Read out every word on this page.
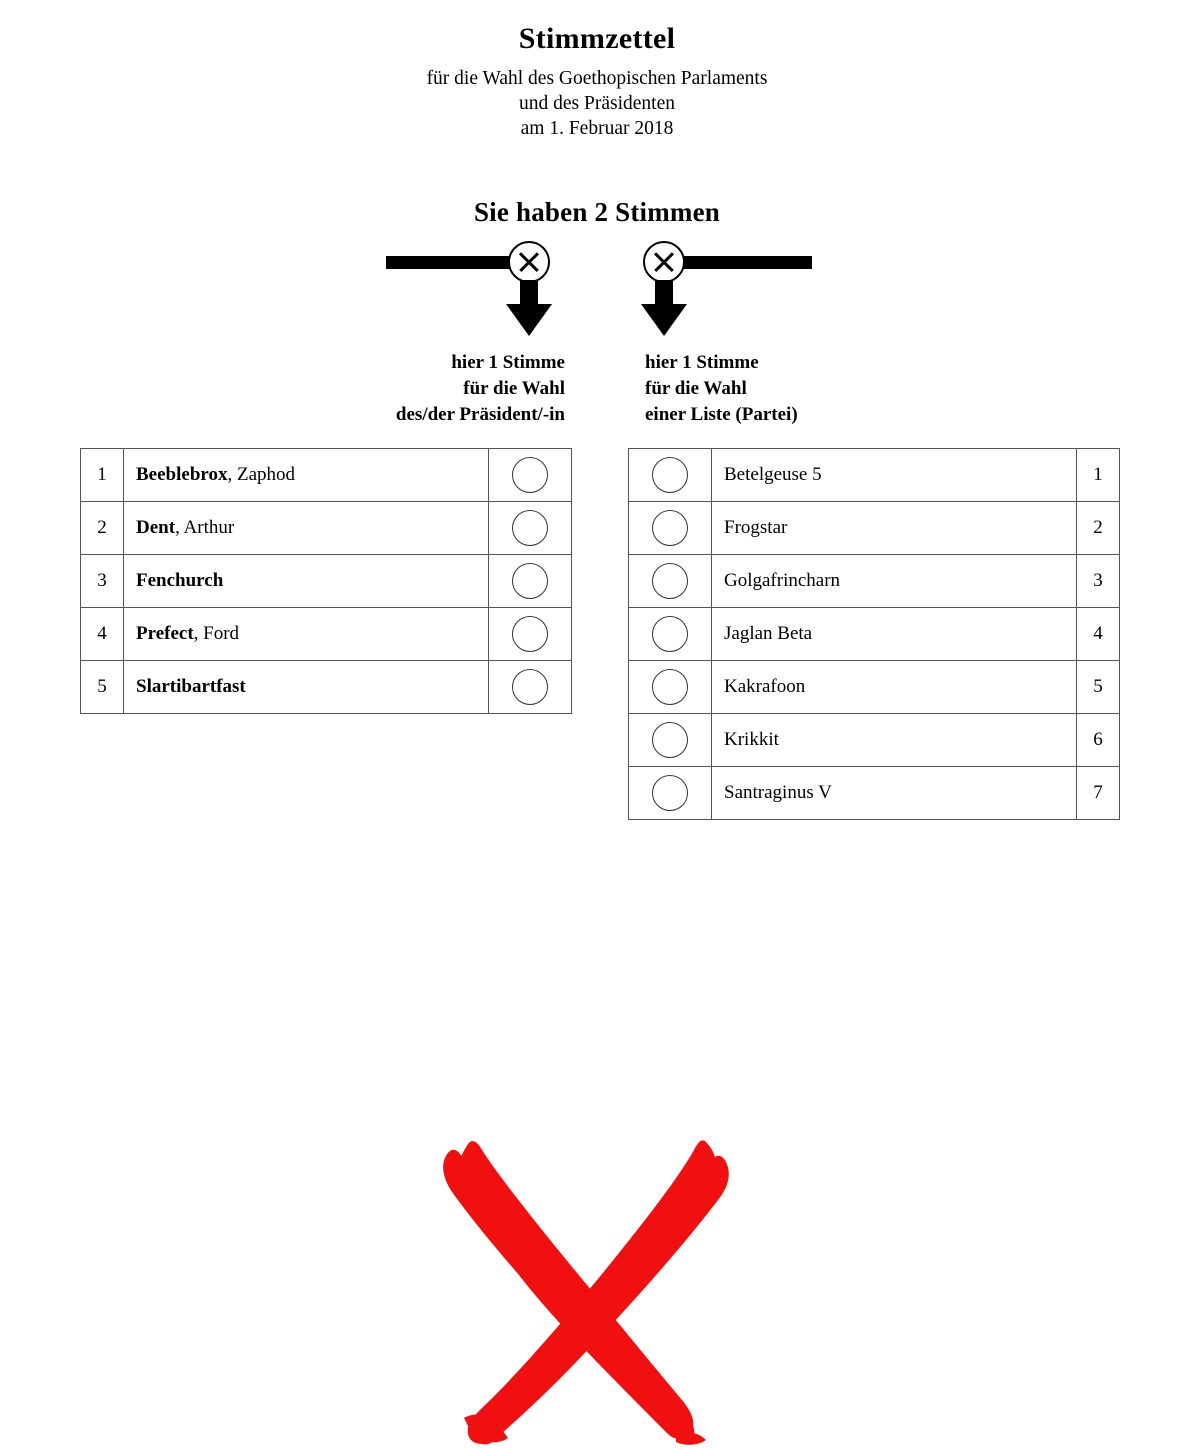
Stimmzettel
für die Wahl des Goethopischen Parlaments
und des Präsidenten
am 1. Februar 2018
Sie haben 2 Stimmen
hier 1 Stimme
für die Wahl
des/der Präsident/-in
hier 1 Stimme
für die Wahl
einer Liste (Partei)
1	Beeblebrox, Zaphod	
2	Dent, Arthur	
3	Fenchurch	
4	Prefect, Ford	
5	Slartibartfast	
	Betelgeuse 5	1
	Frogstar	2
	Golgafrincharn	3
	Jaglan Beta	4
	Kakrafoon	5
	Krikkit	6
	Santraginus V	7
